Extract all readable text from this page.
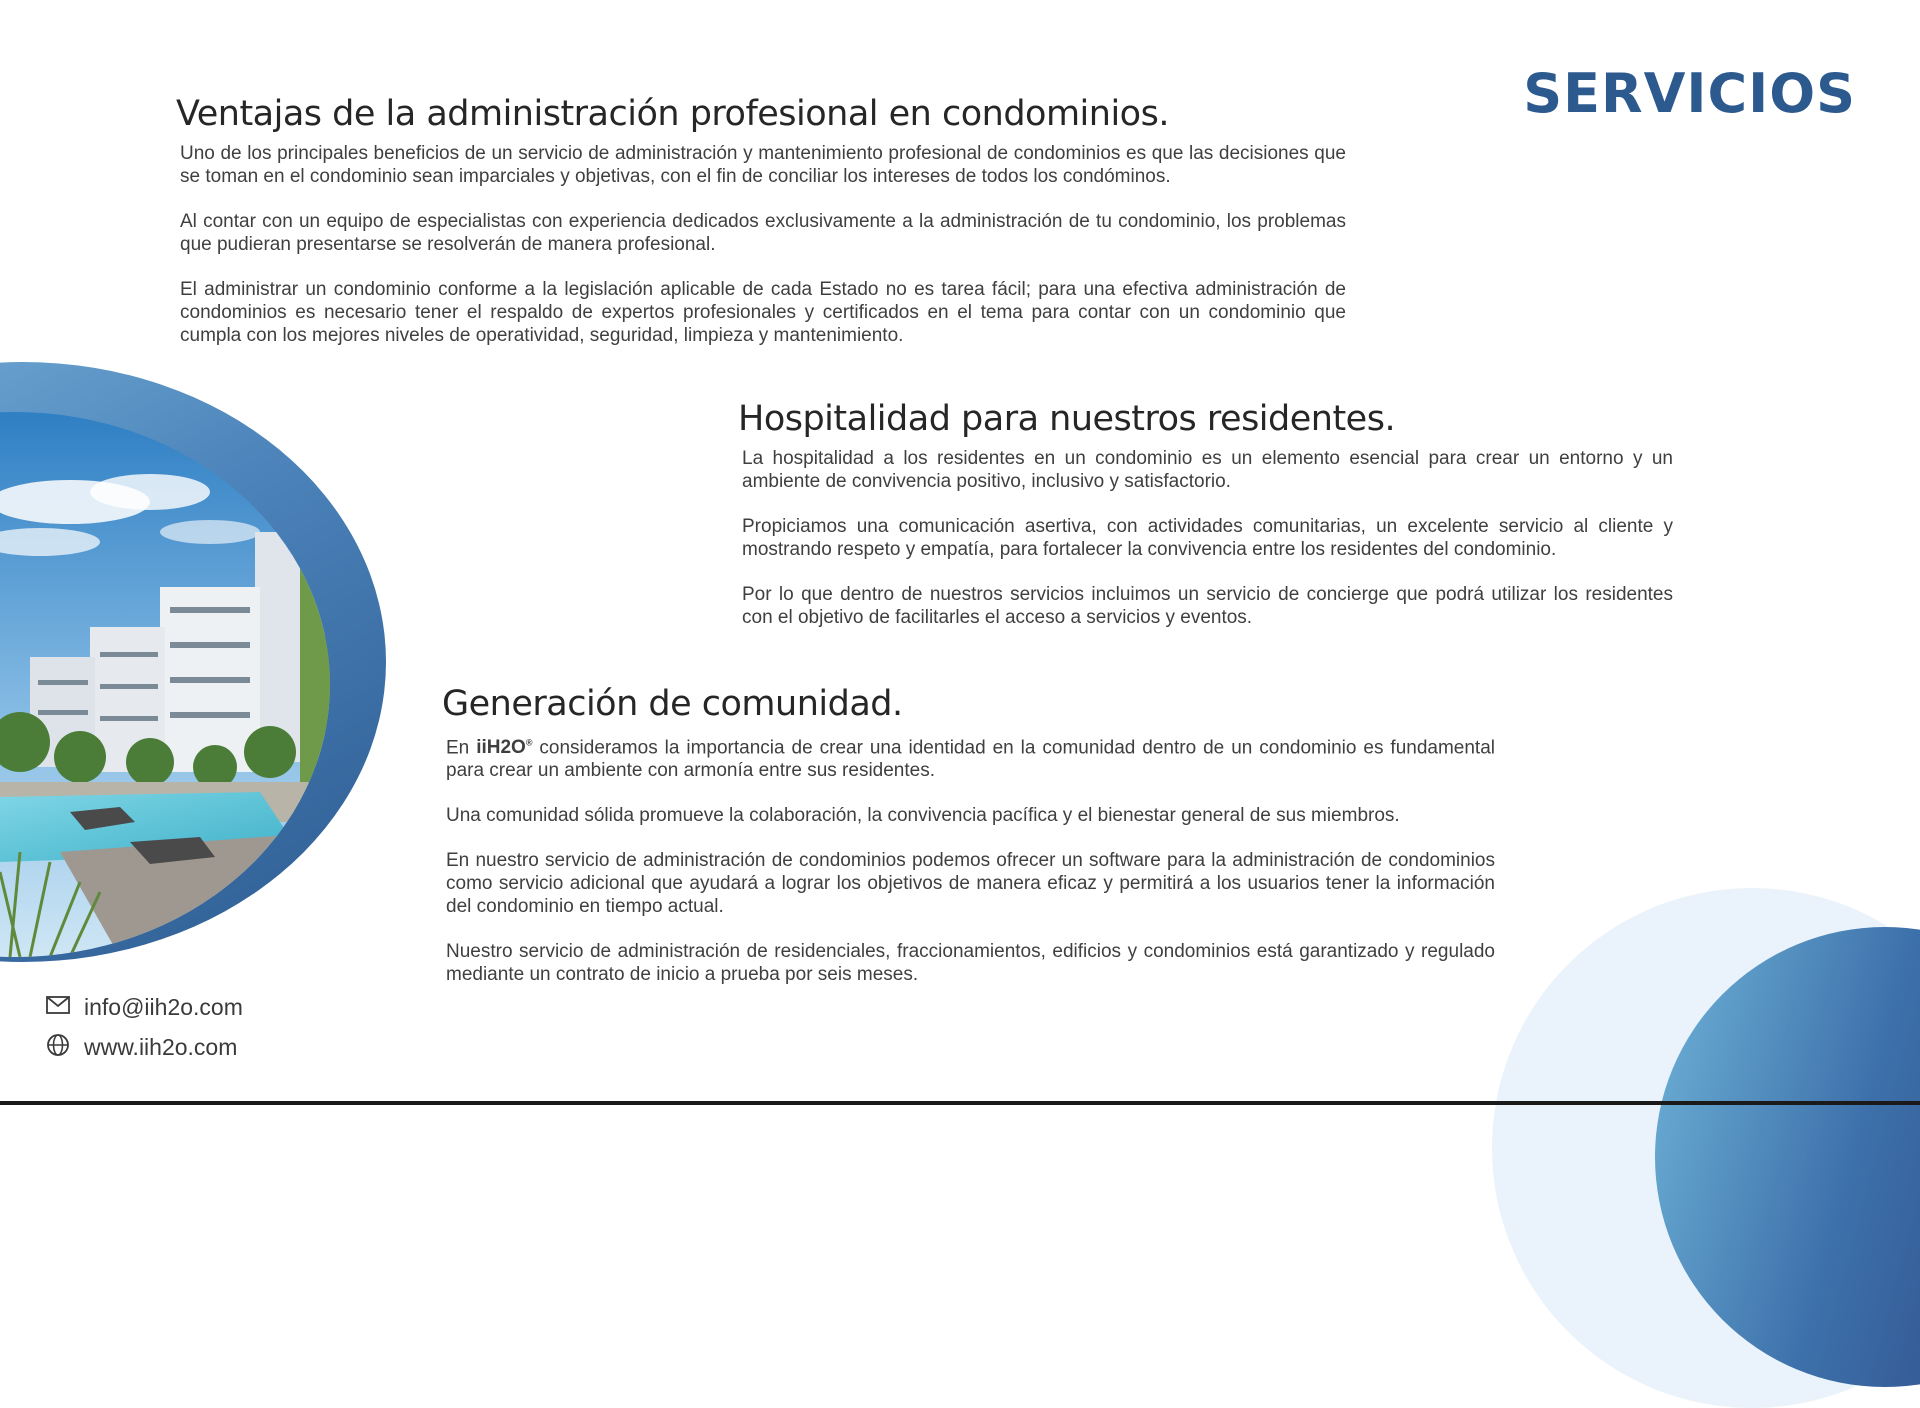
SERVICIOS
Ventajas de la administración profesional en condominios.

Uno de los principales beneficios de un servicio de administración y mantenimiento profesional de condominios es que las decisiones que se toman en el condominio sean imparciales y objetivas, con el fin de conciliar los intereses de todos los condóminos.

Al contar con un equipo de especialistas con experiencia dedicados exclusivamente a la administración de tu condominio, los problemas que pudieran presentarse se resolverán de manera profesional.

El administrar un condominio conforme a la legislación aplicable de cada Estado no es tarea fácil; para una efectiva administración de condominios es necesario tener el respaldo de expertos profesionales y certificados en el tema para contar con un condominio que cumpla con los mejores niveles de operatividad, seguridad, limpieza y mantenimiento.

Hospitalidad para nuestros residentes.

La hospitalidad a los residentes en un condominio es un elemento esencial para crear un entorno y un ambiente de convivencia positivo, inclusivo y satisfactorio.

Propiciamos una comunicación asertiva, con actividades comunitarias, un excelente servicio al cliente y mostrando respeto y empatía, para fortalecer la convivencia entre los residentes del condominio.

Por lo que dentro de nuestros servicios incluimos un servicio de concierge que podrá utilizar los residentes con el objetivo de facilitarles el acceso a servicios y eventos.

Generación de comunidad.

En iiH2O® consideramos la importancia de crear una identidad en la comunidad dentro de un condominio es fundamental para crear un ambiente con armonía entre sus residentes.

Una comunidad sólida promueve la colaboración, la convivencia pacífica y el bienestar general de sus miembros.

En nuestro servicio de administración de condominios podemos ofrecer un software para la administración de condominios como servicio adicional que ayudará a lograr los objetivos de manera eficaz y permitirá a los usuarios tener la información del condominio en tiempo actual.

Nuestro servicio de administración de residenciales, fraccionamientos, edificios y condominios está garantizado y regulado mediante un contrato de inicio a prueba por seis meses.

info@iih2o.com
www.iih2o.com
